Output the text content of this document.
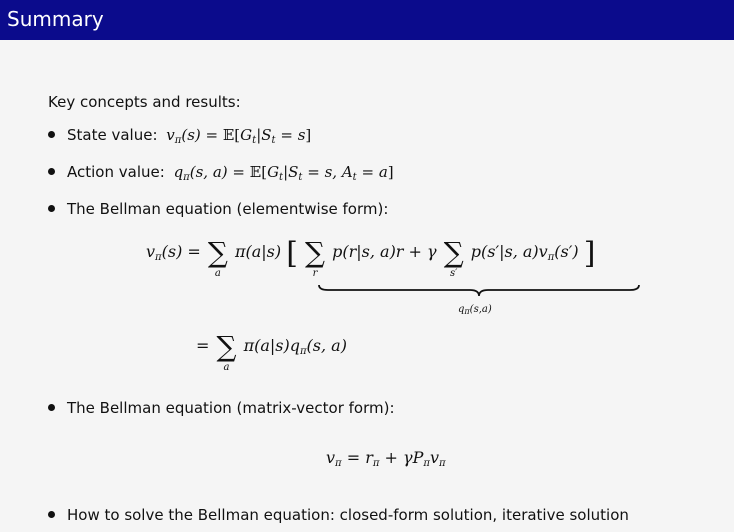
Summary
Key concepts and results:
State value: $v_\pi(s)$ = $𝔼[G_t|S_t = s]$
Action value: $q_\pi(s$, $a) = 𝔼[G_t|S_t = s$, $A_t = a$]
The Bellman equation (elementwise form):
$v_\pi(s)$ = ∑
a
π(a|s) [ ∑
r
p(r|s, a)r + γ ∑
s′
p(s′|s, $a)v_\pi(s')$ ]
$q_\pi(s,a)$
= ∑
a
$\pi(a|s)q_\pi(s$, a)
The Bellman equation (matrix-vector form):
$v_\pi = r_\pi + \gamma P_\pi v_\pi$
How to solve the Bellman equation: closed-form solution, iterative solution
